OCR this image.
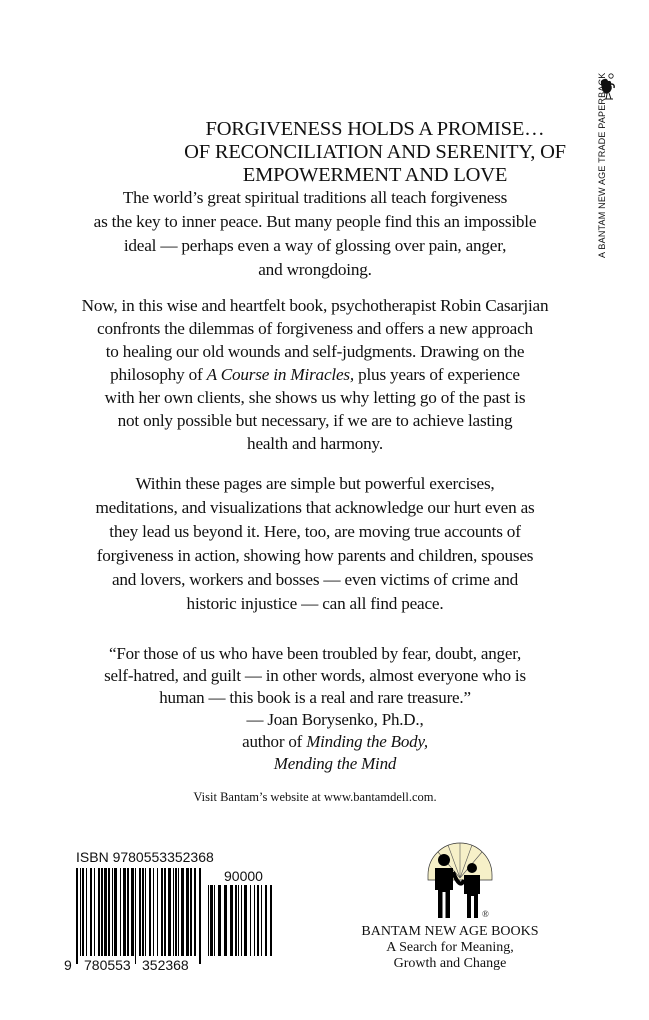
A BANTAM NEW AGE TRADE PAPERBACK
FORGIVENESS HOLDS A PROMISE…
OF RECONCILIATION AND SERENITY, OF
EMPOWERMENT AND LOVE
The world’s great spiritual traditions all teach forgiveness
as the key to inner peace. But many people find this an impossible
ideal — perhaps even a way of glossing over pain, anger,
and wrongdoing.
Now, in this wise and heartfelt book, psychotherapist Robin Casarjian
confronts the dilemmas of forgiveness and offers a new approach
to healing our old wounds and self-judgments. Drawing on the
philosophy of A Course in Miracles, plus years of experience
with her own clients, she shows us why letting go of the past is
not only possible but necessary, if we are to achieve lasting
health and harmony.
Within these pages are simple but powerful exercises,
meditations, and visualizations that acknowledge our hurt even as
they lead us beyond it. Here, too, are moving true accounts of
forgiveness in action, showing how parents and children, spouses
and lovers, workers and bosses — even victims of crime and
historic injustice — can all find peace.
“For those of us who have been troubled by fear, doubt, anger,
self-hatred, and guilt — in other words, almost everyone who is
human — this book is a real and rare treasure.”
— Joan Borysenko, Ph.D.,
author of Minding the Body,
Mending the Mind
Visit Bantam’s website at www.bantamdell.com.
ISBN 9780553352368
90000
9 780553 352368
®
BANTAM NEW AGE BOOKS
A Search for Meaning,
Growth and Change
